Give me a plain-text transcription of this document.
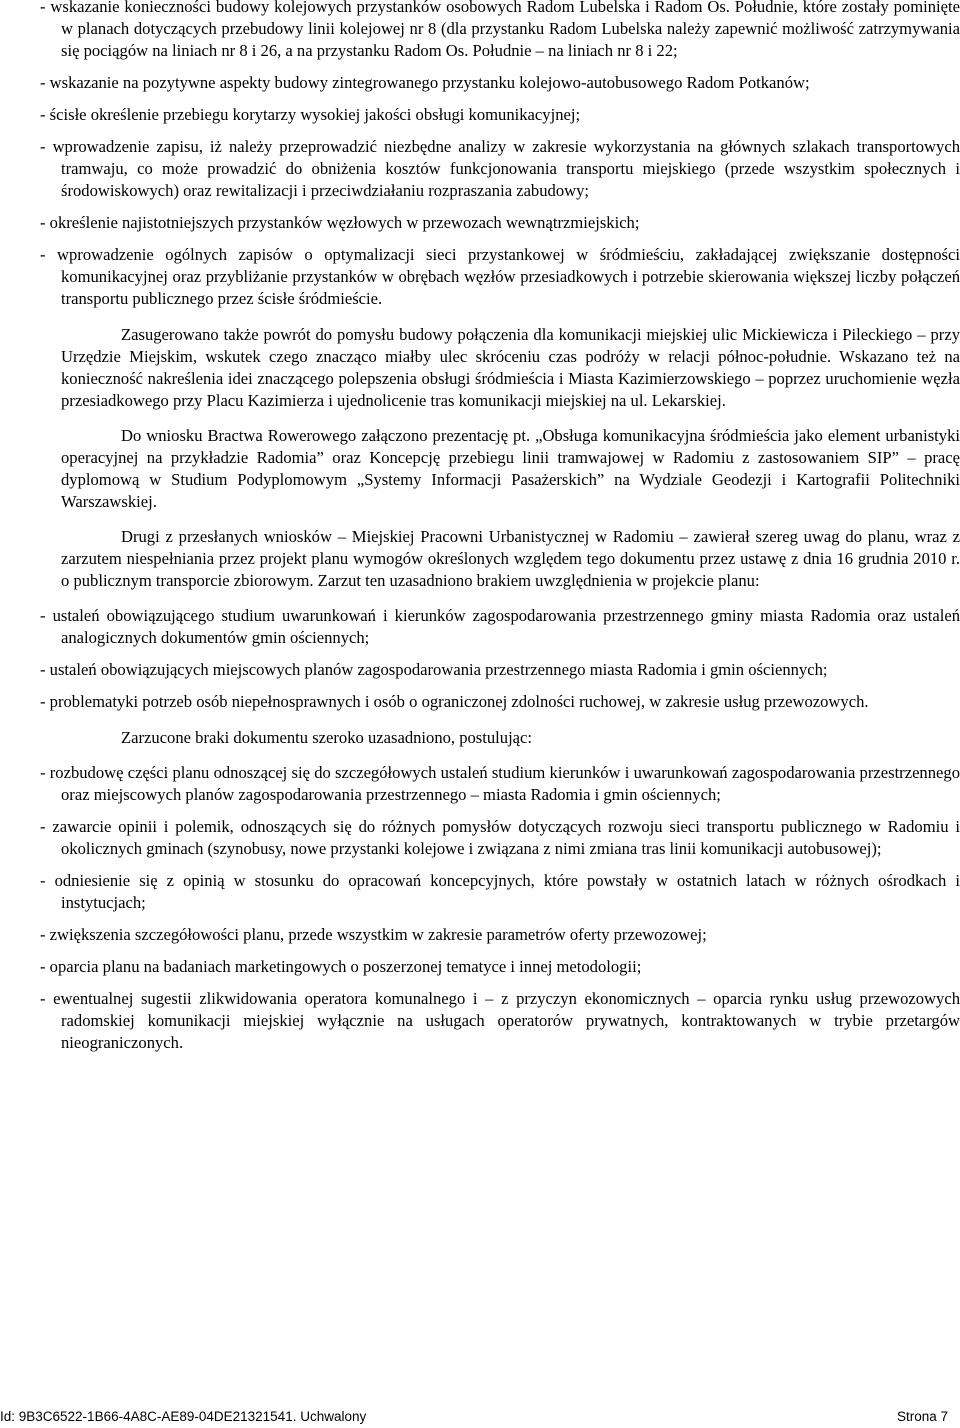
- wskazanie konieczności budowy kolejowych przystanków osobowych Radom Lubelska i Radom Os. Południe, które zostały pominięte w planach dotyczących przebudowy linii kolejowej nr 8 (dla przystanku Radom Lubelska należy zapewnić możliwość zatrzymywania się pociągów na liniach nr 8 i 26, a na przystanku Radom Os. Południe – na liniach nr 8 i 22;
- wskazanie na pozytywne aspekty budowy zintegrowanego przystanku kolejowo-autobusowego Radom Potkanów;
- ścisłe określenie przebiegu korytarzy wysokiej jakości obsługi komunikacyjnej;
- wprowadzenie zapisu, iż należy przeprowadzić niezbędne analizy w zakresie wykorzystania na głównych szlakach transportowych tramwaju, co może prowadzić do obniżenia kosztów funkcjonowania transportu miejskiego (przede wszystkim społecznych i środowiskowych) oraz rewitalizacji i przeciwdziałaniu rozpraszania zabudowy;
- określenie najistotniejszych przystanków węzłowych w przewozach wewnątrzmiejskich;
- wprowadzenie ogólnych zapisów o optymalizacji sieci przystankowej w śródmieściu, zakładającej zwiększanie dostępności komunikacyjnej oraz przybliżanie przystanków w obrębach węzłów przesiadkowych i potrzebie skierowania większej liczby połączeń transportu publicznego przez ścisłe śródmieście.

Zasugerowano także powrót do pomysłu budowy połączenia dla komunikacji miejskiej ulic Mickiewicza i Pileckiego – przy Urzędzie Miejskim, wskutek czego znacząco miałby ulec skróceniu czas podróży w relacji północ-południe. Wskazano też na konieczność nakreślenia idei znaczącego polepszenia obsługi śródmieścia i Miasta Kazimierzowskiego – poprzez uruchomienie węzła przesiadkowego przy Placu Kazimierza i ujednolicenie tras komunikacji miejskiej na ul. Lekarskiej.

Do wniosku Bractwa Rowerowego załączono prezentację pt. „Obsługa komunikacyjna śródmieścia jako element urbanistyki operacyjnej na przykładzie Radomia” oraz Koncepcję przebiegu linii tramwajowej w Radomiu z zastosowaniem SIP” – pracę dyplomową w Studium Podyplomowym „Systemy Informacji Pasażerskich” na Wydziale Geodezji i Kartografii Politechniki Warszawskiej.

Drugi z przesłanych wniosków – Miejskiej Pracowni Urbanistycznej w Radomiu – zawierał szereg uwag do planu, wraz z zarzutem niespełniania przez projekt planu wymogów określonych względem tego dokumentu przez ustawę z dnia 16 grudnia 2010 r. o publicznym transporcie zbiorowym. Zarzut ten uzasadniono brakiem uwzględnienia w projekcie planu:

- ustaleń obowiązującego studium uwarunkowań i kierunków zagospodarowania przestrzennego gminy miasta Radomia oraz ustaleń analogicznych dokumentów gmin ościennych;
- ustaleń obowiązujących miejscowych planów zagospodarowania przestrzennego miasta Radomia i gmin ościennych;
- problematyki potrzeb osób niepełnosprawnych i osób o ograniczonej zdolności ruchowej, w zakresie usług przewozowych.

Zarzucone braki dokumentu szeroko uzasadniono, postulując:

- rozbudowę części planu odnoszącej się do szczegółowych ustaleń studium kierunków i uwarunkowań zagospodarowania przestrzennego oraz miejscowych planów zagospodarowania przestrzennego – miasta Radomia i gmin ościennych;
- zawarcie opinii i polemik, odnoszących się do różnych pomysłów dotyczących rozwoju sieci transportu publicznego w Radomiu i okolicznych gminach (szynobusy, nowe przystanki kolejowe i związana z nimi zmiana tras linii komunikacji autobusowej);
- odniesienie się z opinią w stosunku do opracowań koncepcyjnych, które powstały w ostatnich latach w różnych ośrodkach i instytucjach;
- zwiększenia szczegółowości planu, przede wszystkim w zakresie parametrów oferty przewozowej;
- oparcia planu na badaniach marketingowych o poszerzonej tematyce i innej metodologii;
- ewentualnej sugestii zlikwidowania operatora komunalnego i – z przyczyn ekonomicznych – oparcia rynku usług przewozowych radomskiej komunikacji miejskiej wyłącznie na usługach operatorów prywatnych, kontraktowanych w trybie przetargów nieograniczonych.
Id: 9B3C6522-1B66-4A8C-AE89-04DE21321541. Uchwalony	Strona 7
